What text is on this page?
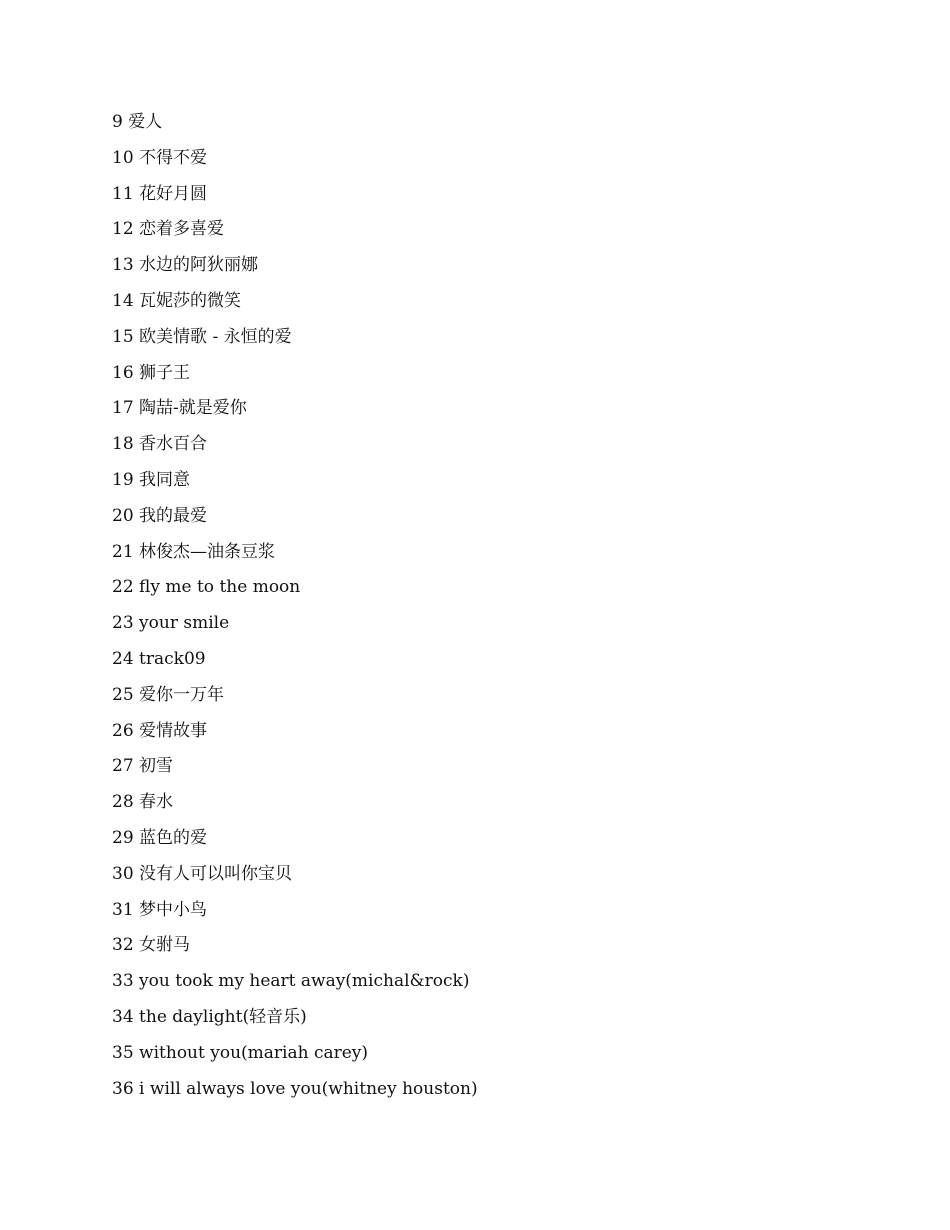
9 爱人
10 不得不爱
11 花好月圆
12 恋着多喜爱
13 水边的阿狄丽娜
14 瓦妮莎的微笑
15 欧美情歌 - 永恒的爱
16 狮子王
17 陶喆-就是爱你
18 香水百合
19 我同意
20 我的最爱
21 林俊杰—油条豆浆
22 fly me to the moon
23 your smile
24 track09
25 爱你一万年
26 爱情故事
27 初雪
28 春水
29 蓝色的爱
30 没有人可以叫你宝贝
31 梦中小鸟
32 女驸马
33 you took my heart away(michal&rock)
34 the daylight(轻音乐)
35 without you(mariah carey)
36 i will always love you(whitney houston)
